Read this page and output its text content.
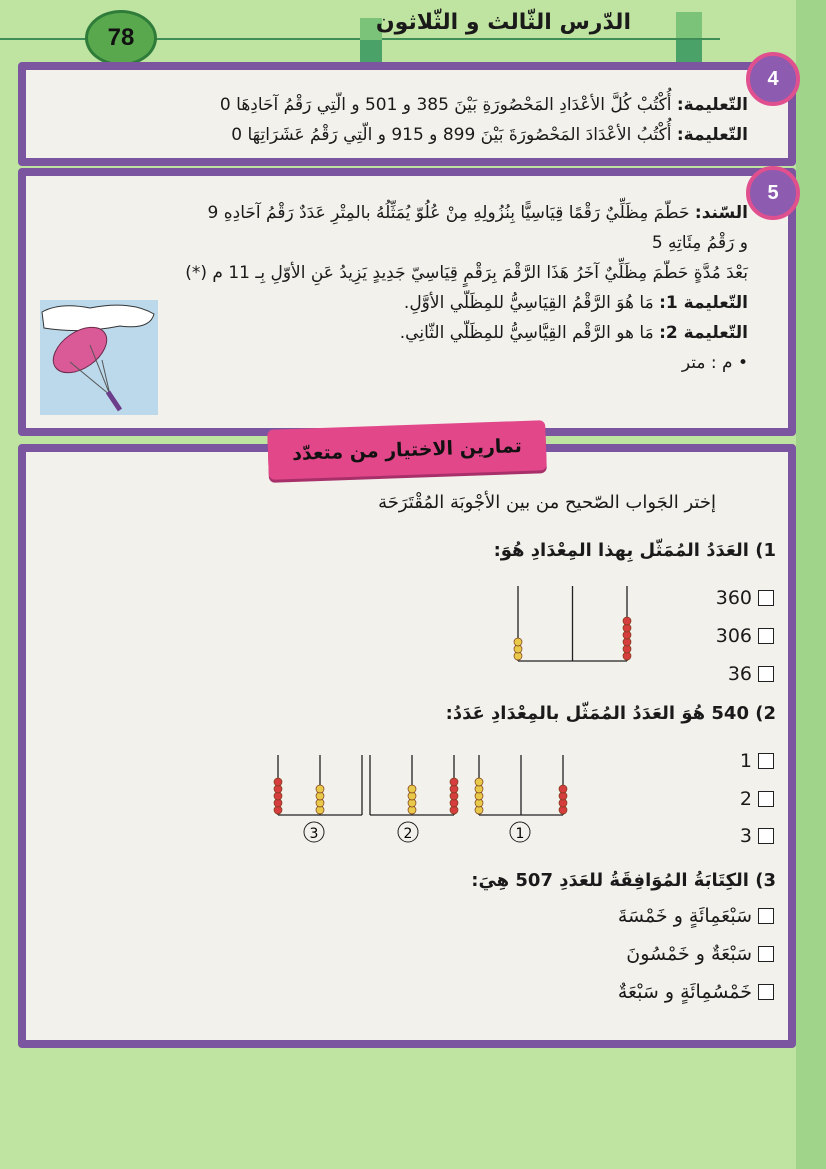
78
الدّرس الثّالث و الثّلاثون
التّعليمة: أُكْتُبْ كُلَّ الأعْدَادِ المَحْصُورَةِ بَيْنَ 385 و 501 و الّتِي رَقْمُ آحَادِهَا 0
التّعليمة: أُكْتُبُ الأعْدَادَ المَحْصُورَةَ بَيْنَ 899 و 915 و الّتِي رَقْمُ عَشَرَاتِهَا 0
4
السّند: حَطّمَ مِظَلِّيٌ رَقْمًا قِيَاسِيًّا بِنُزُولِهِ مِنْ عُلُوّ يُمَثِّلُهُ بالمِتْرِ عَدَدٌ رَقْمُ آحَادِهِ 9
و رَقْمُ مِئَاتِهِ 5
بَعْدَ مُدَّةٍ حَطّمَ مِظَلِّيٌ آخَرُ هَذَا الرَّقْمَ بِرَقْمٍ قِيَاسِيّ جَدِيدٍ يَزِيدُ عَنِ الأوّلِ بِـ 11 م (*)
التّعليمة 1: مَا هُوَ الرَّقْمُ القِيَاسِيُّ للمِظَلّي الأوَّلِ.
التّعليمة 2: مَا هو الرَّقْم القِيَّاسِيُّ للمِظَلّي الثّانِي.
• م : متر
5
تمارين الاختيار من متعدّد
إختر الجَواب الصّحيح من بين الأجْوبَة المُقْتَرَحَة
1) العَدَدُ المُمَثّل بِهذا المِعْدَادِ هُوَ:
360
306
36
2) 540 هُوَ العَدَدُ المُمَثّل بالمِعْدَادِ عَدَدُ:
1
2
3
3) الكِتَابَةُ المُوَافِقَةُ للعَدَدِ 507 هِيَ:
سَبْعَمِائَةٍ و خَمْسَةَ
سَبْعَةٌ و خَمْسُونَ
خَمْسُمِائَةٍ و سَبْعَةٌ
1
2
3
